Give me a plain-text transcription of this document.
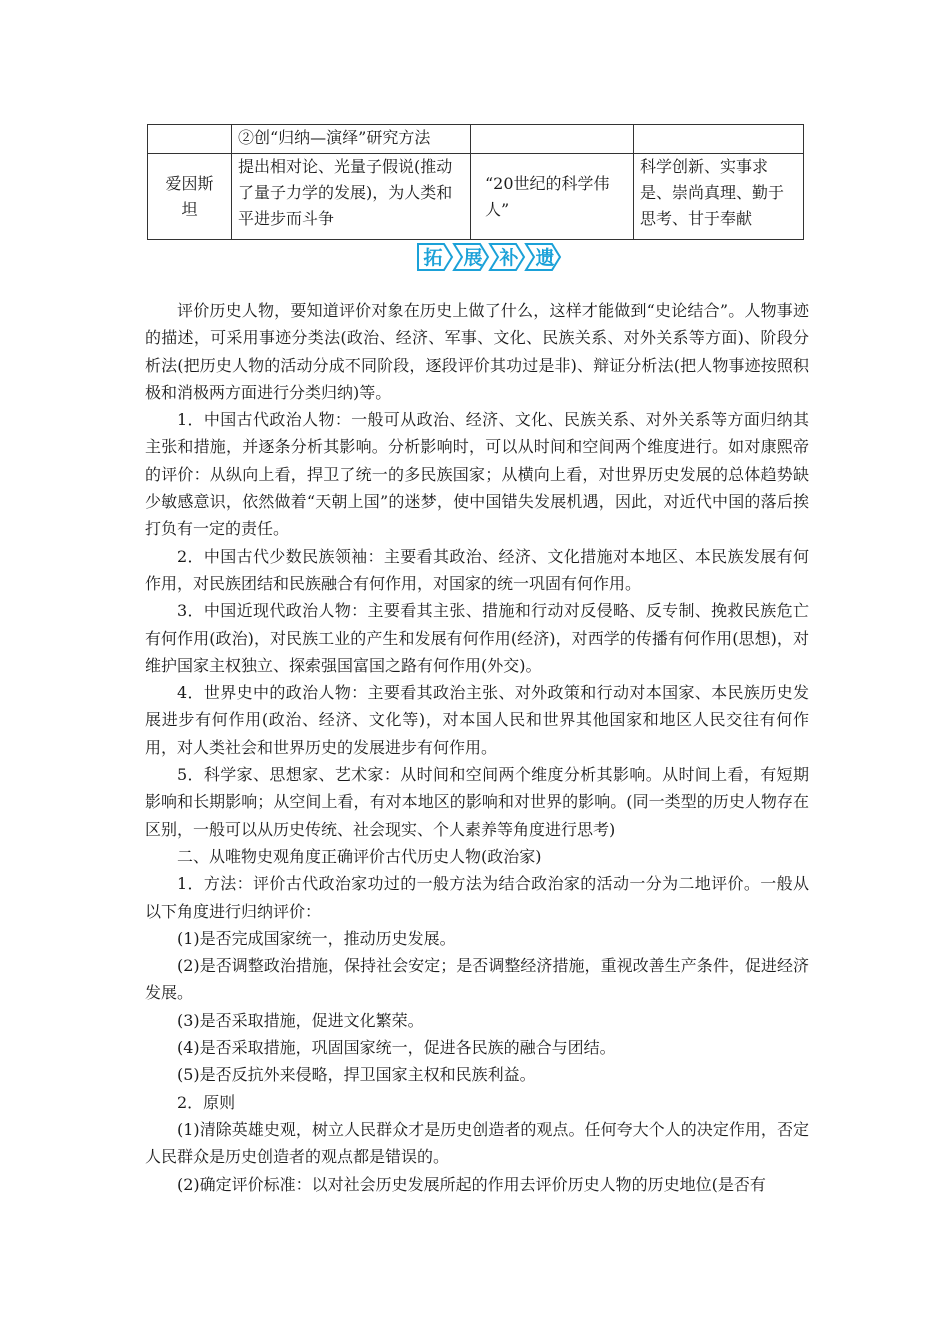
	②创“归纳—演绎”研究方法		
爱因斯坦	提出相对论、光量子假说(推动了量子力学的发展)，为人类和平进步而斗争	“20世纪的科学伟人”	科学创新、实事求是、崇尚真理、勤于思考、甘于奉献
拓 展 补 遗

评价历史人物，要知道评价对象在历史上做了什么，这样才能做到“史论结合”。人物事迹的描述，可采用事迹分类法(政治、经济、军事、文化、民族关系、对外关系等方面)、阶段分析法(把历史人物的活动分成不同阶段，逐段评价其功过是非)、辩证分析法(把人物事迹按照积极和消极两方面进行分类归纳)等。

1．中国古代政治人物：一般可从政治、经济、文化、民族关系、对外关系等方面归纳其主张和措施，并逐条分析其影响。分析影响时，可以从时间和空间两个维度进行。如对康熙帝的评价：从纵向上看，捍卫了统一的多民族国家；从横向上看，对世界历史发展的总体趋势缺少敏感意识，依然做着“天朝上国”的迷梦，使中国错失发展机遇，因此，对近代中国的落后挨打负有一定的责任。

2．中国古代少数民族领袖：主要看其政治、经济、文化措施对本地区、本民族发展有何作用，对民族团结和民族融合有何作用，对国家的统一巩固有何作用。

3．中国近现代政治人物：主要看其主张、措施和行动对反侵略、反专制、挽救民族危亡有何作用(政治)，对民族工业的产生和发展有何作用(经济)，对西学的传播有何作用(思想)，对维护国家主权独立、探索强国富国之路有何作用(外交)。

4．世界史中的政治人物：主要看其政治主张、对外政策和行动对本国家、本民族历史发展进步有何作用(政治、经济、文化等)，对本国人民和世界其他国家和地区人民交往有何作用，对人类社会和世界历史的发展进步有何作用。

5．科学家、思想家、艺术家：从时间和空间两个维度分析其影响。从时间上看，有短期影响和长期影响；从空间上看，有对本地区的影响和对世界的影响。(同一类型的历史人物存在区别，一般可以从历史传统、社会现实、个人素养等角度进行思考)

二、从唯物史观角度正确评价古代历史人物(政治家)

1．方法：评价古代政治家功过的一般方法为结合政治家的活动一分为二地评价。一般从以下角度进行归纳评价：

(1)是否完成国家统一，推动历史发展。

(2)是否调整政治措施，保持社会安定；是否调整经济措施，重视改善生产条件，促进经济发展。

(3)是否采取措施，促进文化繁荣。

(4)是否采取措施，巩固国家统一，促进各民族的融合与团结。

(5)是否反抗外来侵略，捍卫国家主权和民族利益。

2．原则

(1)清除英雄史观，树立人民群众才是历史创造者的观点。任何夸大个人的决定作用，否定人民群众是历史创造者的观点都是错误的。

(2)确定评价标准：以对社会历史发展所起的作用去评价历史人物的历史地位(是否有
